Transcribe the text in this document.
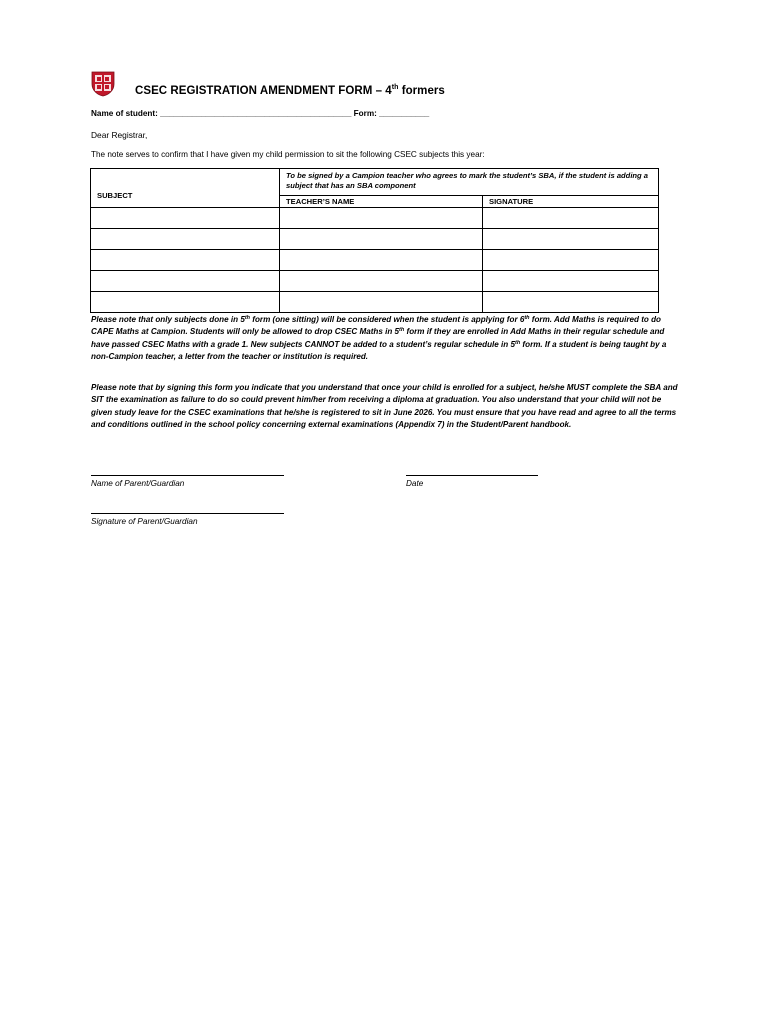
CSEC REGISTRATION AMENDMENT FORM – 4th formers
Name of student: __________________________________________ Form: ___________
Dear Registrar,
The note serves to confirm that I have given my child permission to sit the following CSEC subjects this year:
SUBJECT	To be signed by a Campion teacher who agrees to mark the student’s SBA, if the student is adding a subject that has an SBA component	
	TEACHER’S NAME	SIGNATURE

Please note that only subjects done in 5th form (one sitting) will be considered when the student is applying for 6th form. Add Maths is required to do CAPE Maths at Campion. Students will only be allowed to drop CSEC Maths in 5th form if they are enrolled in Add Maths in their regular schedule and have passed CSEC Maths with a grade 1. New subjects CANNOT be added to a student’s regular schedule in 5th form. If a student is being taught by a non-Campion teacher, a letter from the teacher or institution is required.
Please note that by signing this form you indicate that you understand that once your child is enrolled for a subject, he/she MUST complete the SBA and SIT the examination as failure to do so could prevent him/her from receiving a diploma at graduation. You also understand that your child will not be given study leave for the CSEC examinations that he/she is registered to sit in June 2026. You must ensure that you have read and agree to all the terms and conditions outlined in the school policy concerning external examinations (Appendix 7) in the Student/Parent handbook.
Name of Parent/Guardian	Date
Signature of Parent/Guardian
